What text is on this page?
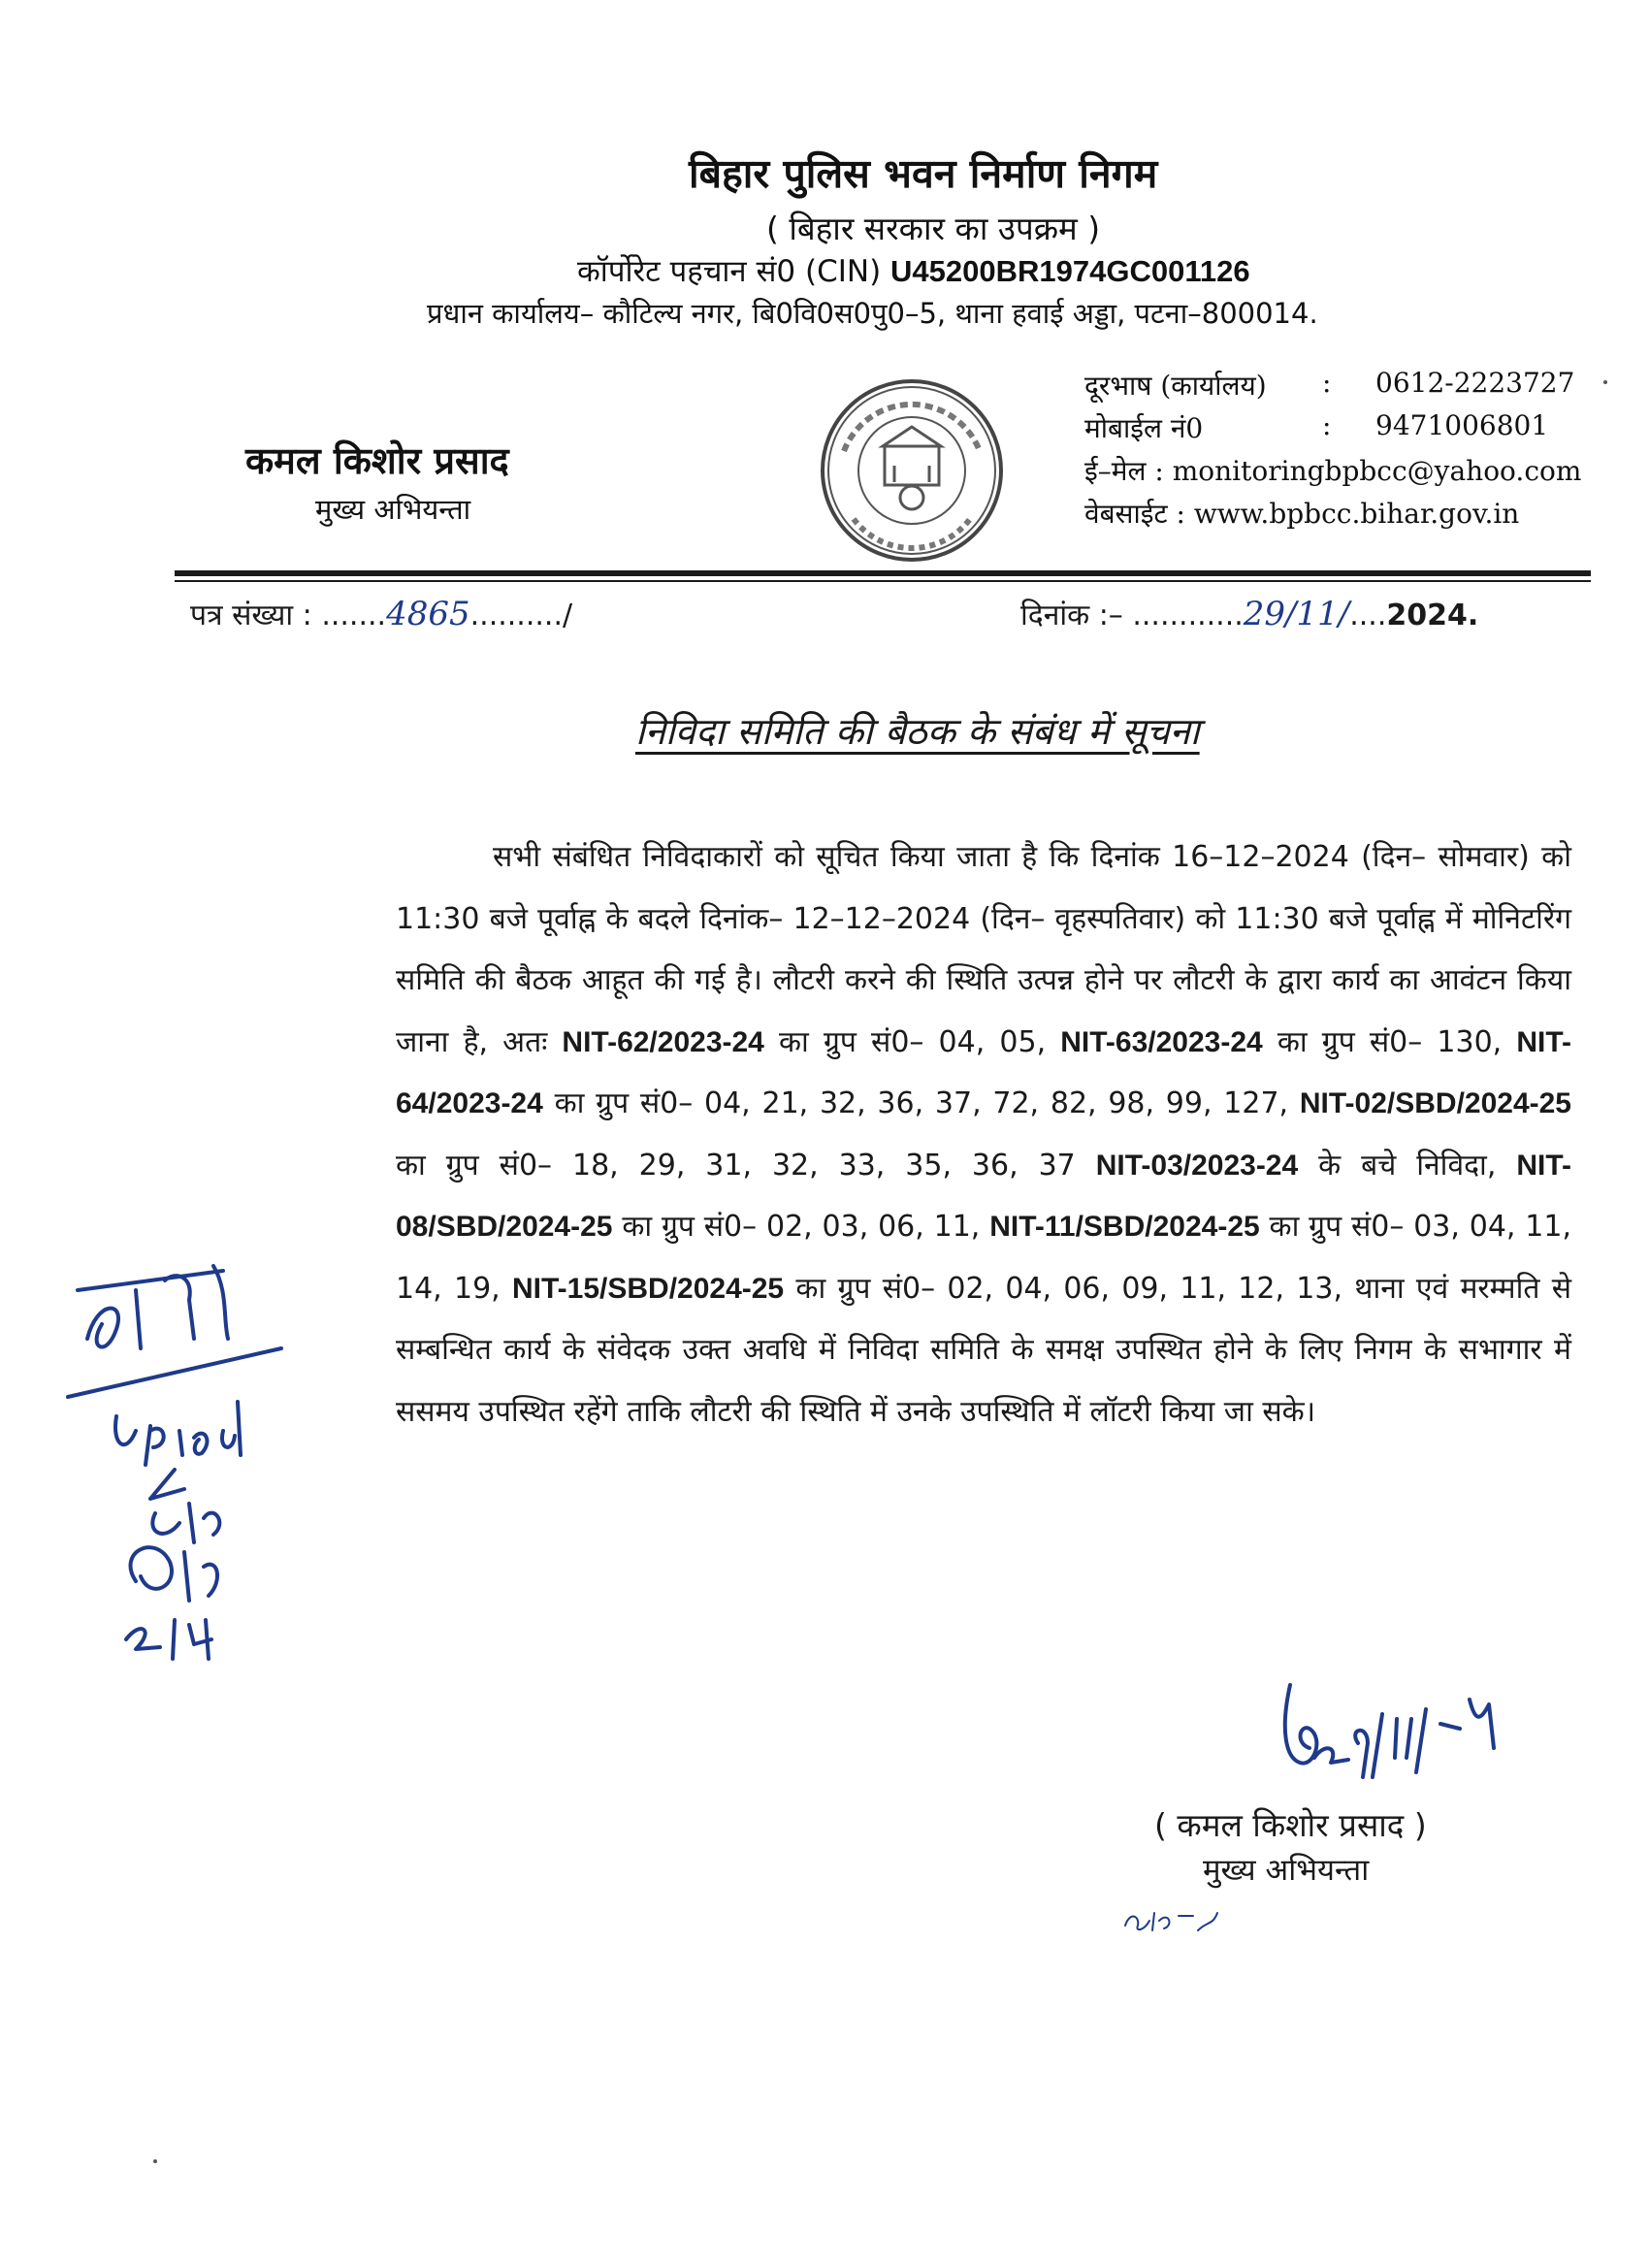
बिहार पुलिस भवन निर्माण निगम
( बिहार सरकार का उपक्रम )
कॉर्पोरेट पहचान सं0 (CIN) U45200BR1974GC001126
प्रधान कार्यालय– कौटिल्य नगर, बि0वि0स0पु0–5, थाना हवाई अड्डा, पटना–800014.
कमल किशोर प्रसाद
मुख्य अभियन्ता
दूरभाष (कार्यालय) : 0612-2223727
मोबाईल नं0	: 9471006801
ई–मेल : monitoringbpbcc@yahoo.com
वेबसाईट : www.bpbcc.bihar.gov.in
पत्र संख्या : .......4865........../	दिनांक :– ............29/11/....2024.
निविदा समिति की बैठक के संबंध में सूचना
सभी संबंधित निविदाकारों को सूचित किया जाता है कि दिनांक 16–12–2024 (दिन– सोमवार) को 11:30 बजे पूर्वाह्न के बदले दिनांक– 12–12–2024 (दिन– वृहस्पतिवार) को 11:30 बजे पूर्वाह्न में मोनिटरिंग समिति की बैठक आहूत की गई है। लौटरी करने की स्थिति उत्पन्न होने पर लौटरी के द्वारा कार्य का आवंटन किया जाना है, अतः NIT-62/2023-24 का ग्रुप सं0– 04, 05, NIT-63/2023-24 का ग्रुप सं0– 130, NIT-64/2023-24 का ग्रुप सं0– 04, 21, 32, 36, 37, 72, 82, 98, 99, 127, NIT-02/SBD/2024-25 का ग्रुप सं0– 18, 29, 31, 32, 33, 35, 36, 37 NIT-03/2023-24 के बचे निविदा, NIT-08/SBD/2024-25 का ग्रुप सं0– 02, 03, 06, 11, NIT-11/SBD/2024-25 का ग्रुप सं0– 03, 04, 11, 14, 19, NIT-15/SBD/2024-25 का ग्रुप सं0– 02, 04, 06, 09, 11, 12, 13, थाना एवं मरम्मति से सम्बन्धित कार्य के संवेदक उक्त अवधि में निविदा समिति के समक्ष उपस्थित होने के लिए निगम के सभागार में ससमय उपस्थित रहेंगे ताकि लौटरी की स्थिति में उनके उपस्थिति में लॉटरी किया जा सके।
( कमल किशोर प्रसाद )
मुख्य अभियन्ता
